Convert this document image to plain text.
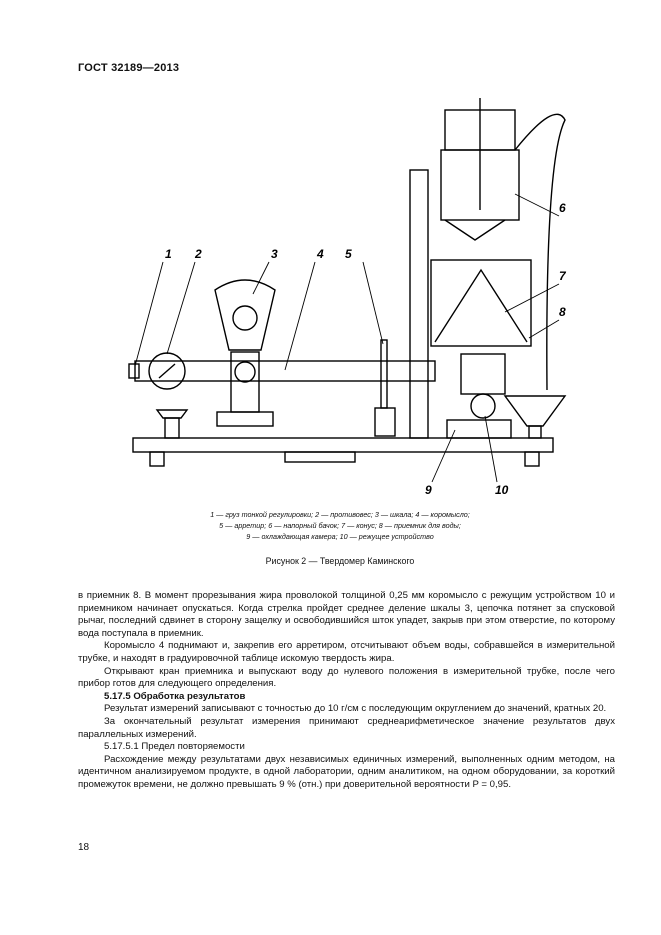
ГОСТ 32189—2013
1 2	3	4 5
6
7
8
9	10
1 — груз тонкой регулировки; 2 — противовес; 3 — шкала; 4 — коромысло;
5 — арретир; 6 — напорный бачок; 7 — конус; 8 — приемник для воды;
9 — охлаждающая камера; 10 — режущее устройство
Рисунок 2 — Твердомер Каминского

в приемник 8. В момент прорезывания жира проволокой толщиной 0,25 мм коромысло с режущим устройством 10 и приемником начинает опускаться. Когда стрелка пройдет среднее деление шкалы 3, цепочка потянет за спусковой рычаг, последний сдвинет в сторону защелку и освободившийся шток упадет, закрыв при этом отверстие, по которому вода поступала в приемник.

Коромысло 4 поднимают и, закрепив его арретиром, отсчитывают объем воды, собравшейся в измерительной трубке, и находят в градуировочной таблице искомую твердость жира.

Открывают кран приемника и выпускают воду до нулевого положения в измерительной трубке, после чего прибор готов для следующего определения.

5.17.5 Обработка результатов

Результат измерений записывают с точностью до 10 г/см с последующим округлением до значений, кратных 20.

За окончательный результат измерения принимают среднеарифметическое значение результатов двух параллельных измерений.

5.17.5.1 Предел повторяемости

Расхождение между результатами двух независимых единичных измерений, выполненных одним методом, на идентичном анализируемом продукте, в одной лаборатории, одним аналитиком, на одном оборудовании, за короткий промежуток времени, не должно превышать 9 % (отн.) при доверительной вероятности P = 0,95.

18
